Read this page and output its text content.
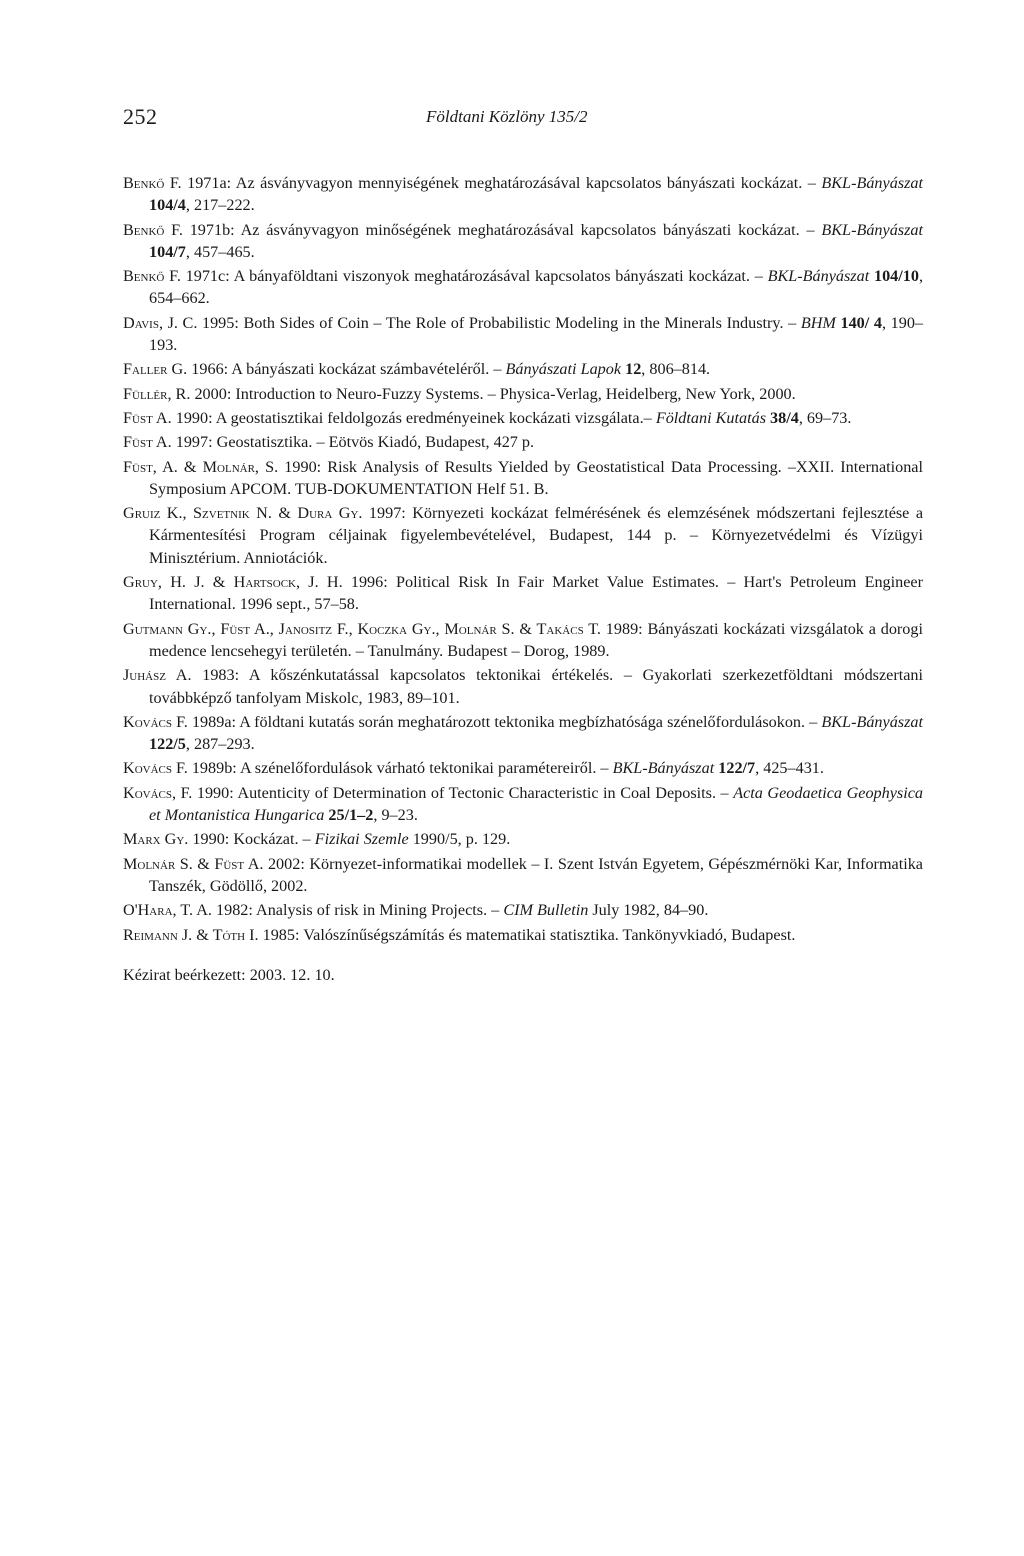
252	Földtani Közlöny 135/2

Benkő F. 1971a: Az ásványvagyon mennyiségének meghatározásával kapcsolatos bányászati kockázat. – BKL-Bányászat 104/4, 217–222.

Benkő F. 1971b: Az ásványvagyon minőségének meghatározásával kapcsolatos bányászati kockázat. – BKL-Bányászat 104/7, 457–465.

Benkő F. 1971c: A bányaföldtani viszonyok meghatározásával kapcsolatos bányászati kockázat. – BKL-Bányászat 104/10, 654–662.

Davis, J. C. 1995: Both Sides of Coin – The Role of Probabilistic Modeling in the Minerals Industry. – BHM 140/ 4, 190–193.

Faller G. 1966: A bányászati kockázat számbavételéről. – Bányászati Lapok 12, 806–814.

Füllér, R. 2000: Introduction to Neuro-Fuzzy Systems. – Physica-Verlag, Heidelberg, New York, 2000.

Füst A. 1990: A geostatisztikai feldolgozás eredményeinek kockázati vizsgálata.– Földtani Kutatás 38/4, 69–73.

Füst A. 1997: Geostatisztika. – Eötvös Kiadó, Budapest, 427 p.

Füst, A. & Molnár, S. 1990: Risk Analysis of Results Yielded by Geostatistical Data Processing. –XXII. International Symposium APCOM. TUB-DOKUMENTATION Helf 51. B.

Gruiz K., Szvetnik N. & Dura Gy. 1997: Környezeti kockázat felmérésének és elemzésének módszertani fejlesztése a Kármentesítési Program céljainak figyelembevételével, Budapest, 144 p. – Környezetvédelmi és Vízügyi Minisztérium. Anniotációk.

Gruy, H. J. & Hartsock, J. H. 1996: Political Risk In Fair Market Value Estimates. – Hart's Petroleum Engineer International. 1996 sept., 57–58.

Gutmann Gy., Füst A., Janositz F., Koczka Gy., Molnár S. & Takács T. 1989: Bányászati kockázati vizsgálatok a dorogi medence lencsehegyi területén. – Tanulmány. Budapest – Dorog, 1989.

Juhász A. 1983: A kőszénkutatással kapcsolatos tektonikai értékelés. – Gyakorlati szerkezetföldtani módszertani továbbképző tanfolyam Miskolc, 1983, 89–101.

Kovács F. 1989a: A földtani kutatás során meghatározott tektonika megbízhatósága szénelőfordulásokon. – BKL-Bányászat 122/5, 287–293.

Kovács F. 1989b: A szénelőfordulások várható tektonikai paramétereiről. – BKL-Bányászat 122/7, 425–431.

Kovács, F. 1990: Autenticity of Determination of Tectonic Characteristic in Coal Deposits. – Acta Geodaetica Geophysica et Montanistica Hungarica 25/1–2, 9–23.

Marx Gy. 1990: Kockázat. – Fizikai Szemle 1990/5, p. 129.

Molnár S. & Füst A. 2002: Környezet-informatikai modellek – I. Szent István Egyetem, Gépészmérnöki Kar, Informatika Tanszék, Gödöllő, 2002.

O'Hara, T. A. 1982: Analysis of risk in Mining Projects. – CIM Bulletin July 1982, 84–90.

Reimann J. & Tóth I. 1985: Valószínűségszámítás és matematikai statisztika. Tankönyvkiadó, Budapest.

Kézirat beérkezett: 2003. 12. 10.
